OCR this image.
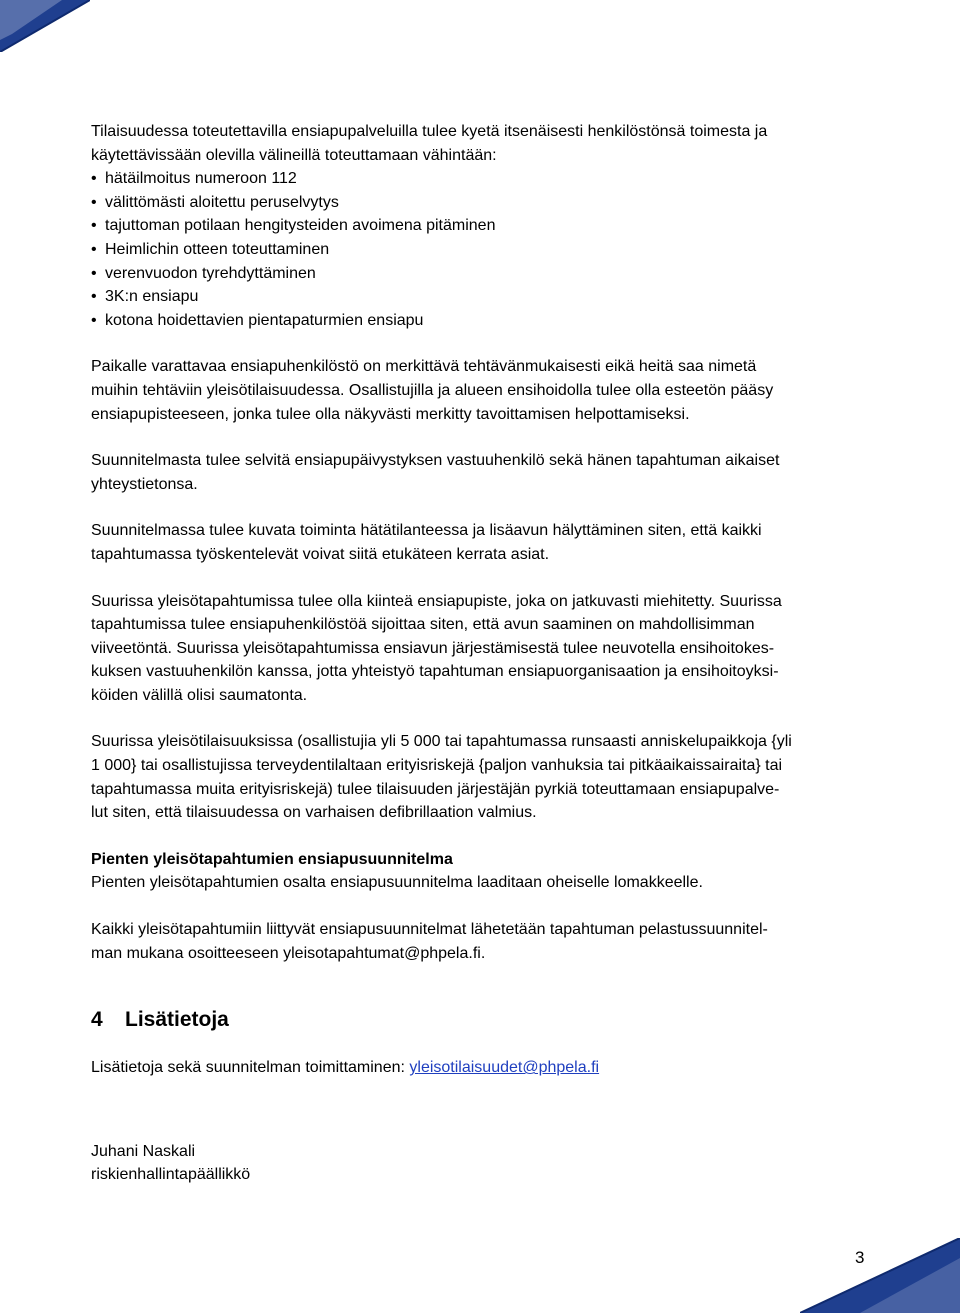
3

Tilaisuudessa toteutettavilla ensiapupalveluilla tulee kyetä itsenäisesti henkilöstönsä toimesta ja

käytettävissään olevilla välineillä toteuttamaan vähintään:

• hätäilmoitus numeroon 112
• välittömästi aloitettu peruselvytys
• tajuttoman potilaan hengitysteiden avoimena pitäminen
• Heimlichin otteen toteuttaminen
• verenvuodon tyrehdyttäminen
• 3K:n ensiapu
• kotona hoidettavien pientapaturmien ensiapu
Paikalle varattavaa ensiapuhenkilöstö on merkittävä tehtävänmukaisesti eikä heitä saa nimetä
muihin tehtäviin yleisötilaisuudessa. Osallistujilla ja alueen ensihoidolla tulee olla esteetön pääsy
ensiapupisteeseen, jonka tulee olla näkyvästi merkitty tavoittamisen helpottamiseksi.
Suunnitelmasta tulee selvitä ensiapupäivystyksen vastuuhenkilö sekä hänen tapahtuman aikaiset
yhteystietonsa.
Suunnitelmassa tulee kuvata toiminta hätätilanteessa ja lisäavun hälyttäminen siten, että kaikki
tapahtumassa työskentelevät voivat siitä etukäteen kerrata asiat.
Suurissa yleisötapahtumissa tulee olla kiinteä ensiapupiste, joka on jatkuvasti miehitetty. Suurissa
tapahtumissa tulee ensiapuhenkilöstöä sijoittaa siten, että avun saaminen on mahdollisimman
viiveetöntä. Suurissa yleisötapahtumissa ensiavun järjestämisestä tulee neuvotella ensihoitokes-
kuksen vastuuhenkilön kanssa, jotta yhteistyö tapahtuman ensiapuorganisaation ja ensihoitoyksi-
köiden välillä olisi saumatonta.
Suurissa yleisötilaisuuksissa (osallistujia yli 5 000 tai tapahtumassa runsaasti anniskelupaikkoja {yli
1 000} tai osallistujissa terveydentilaltaan erityisriskejä {paljon vanhuksia tai pitkäaikaissairaita} tai
tapahtumassa muita erityisriskejä) tulee tilaisuuden järjestäjän pyrkiä toteuttamaan ensiapupalve-
lut siten, että tilaisuudessa on varhaisen defibrillaation valmius.
Pienten yleisötapahtumien ensiapusuunnitelma
Pienten yleisötapahtumien osalta ensiapusuunnitelma laaditaan oheiselle lomakkeelle.
Kaikki yleisötapahtumiin liittyvät ensiapusuunnitelmat lähetetään tapahtuman pelastussuunnitel-
man mukana osoitteeseen yleisotapahtumat@phpela.fi.
4 Lisätietoja
Lisätietoja sekä suunnitelman toimittaminen: yleisotilaisuudet@phpela.fi
Juhani Naskali
riskienhallintapäällikkö
